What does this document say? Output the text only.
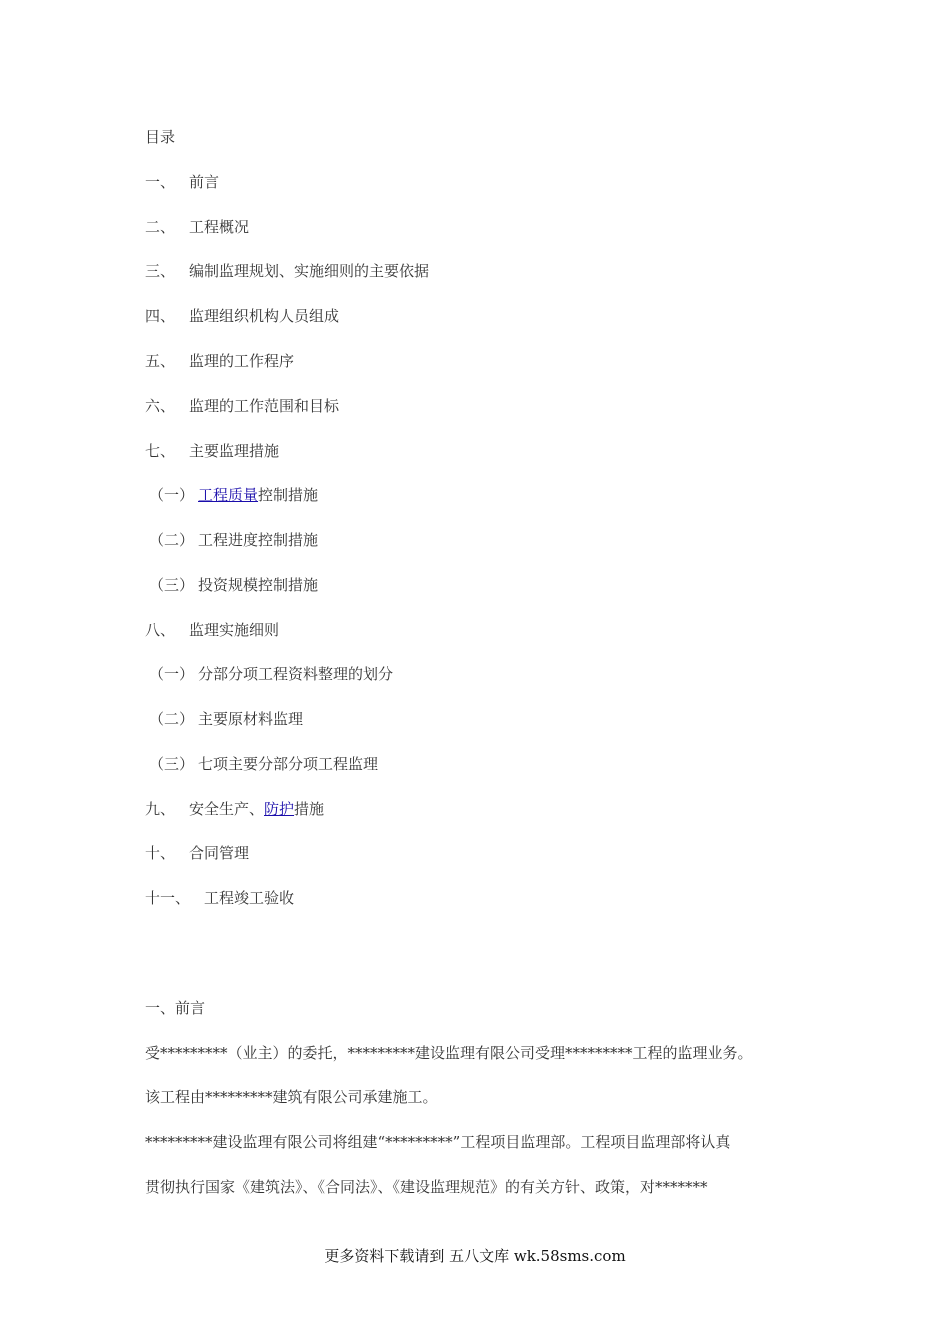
目录
一、 前言
二、 工程概况
三、 编制监理规划、实施细则的主要依据
四、 监理组织机构人员组成
五、 监理的工作程序
六、 监理的工作范围和目标
七、 主要监理措施
（一） 工程质量控制措施
（二） 工程进度控制措施
（三） 投资规模控制措施
八、 监理实施细则
（一） 分部分项工程资料整理的划分
（二） 主要原材料监理
（三） 七项主要分部分项工程监理
九、 安全生产、防护措施
十、 合同管理
十一、 工程竣工验收
一、前言
受*********（业主）的委托，*********建设监理有限公司受理*********工程的监理业务。
该工程由*********建筑有限公司承建施工。
*********建设监理有限公司将组建“*********”工程项目监理部。工程项目监理部将认真
贯彻执行国家《建筑法》、《合同法》、《建设监理规范》的有关方针、政策，对*******
更多资料下载请到 五八文库 wk.58sms.com
